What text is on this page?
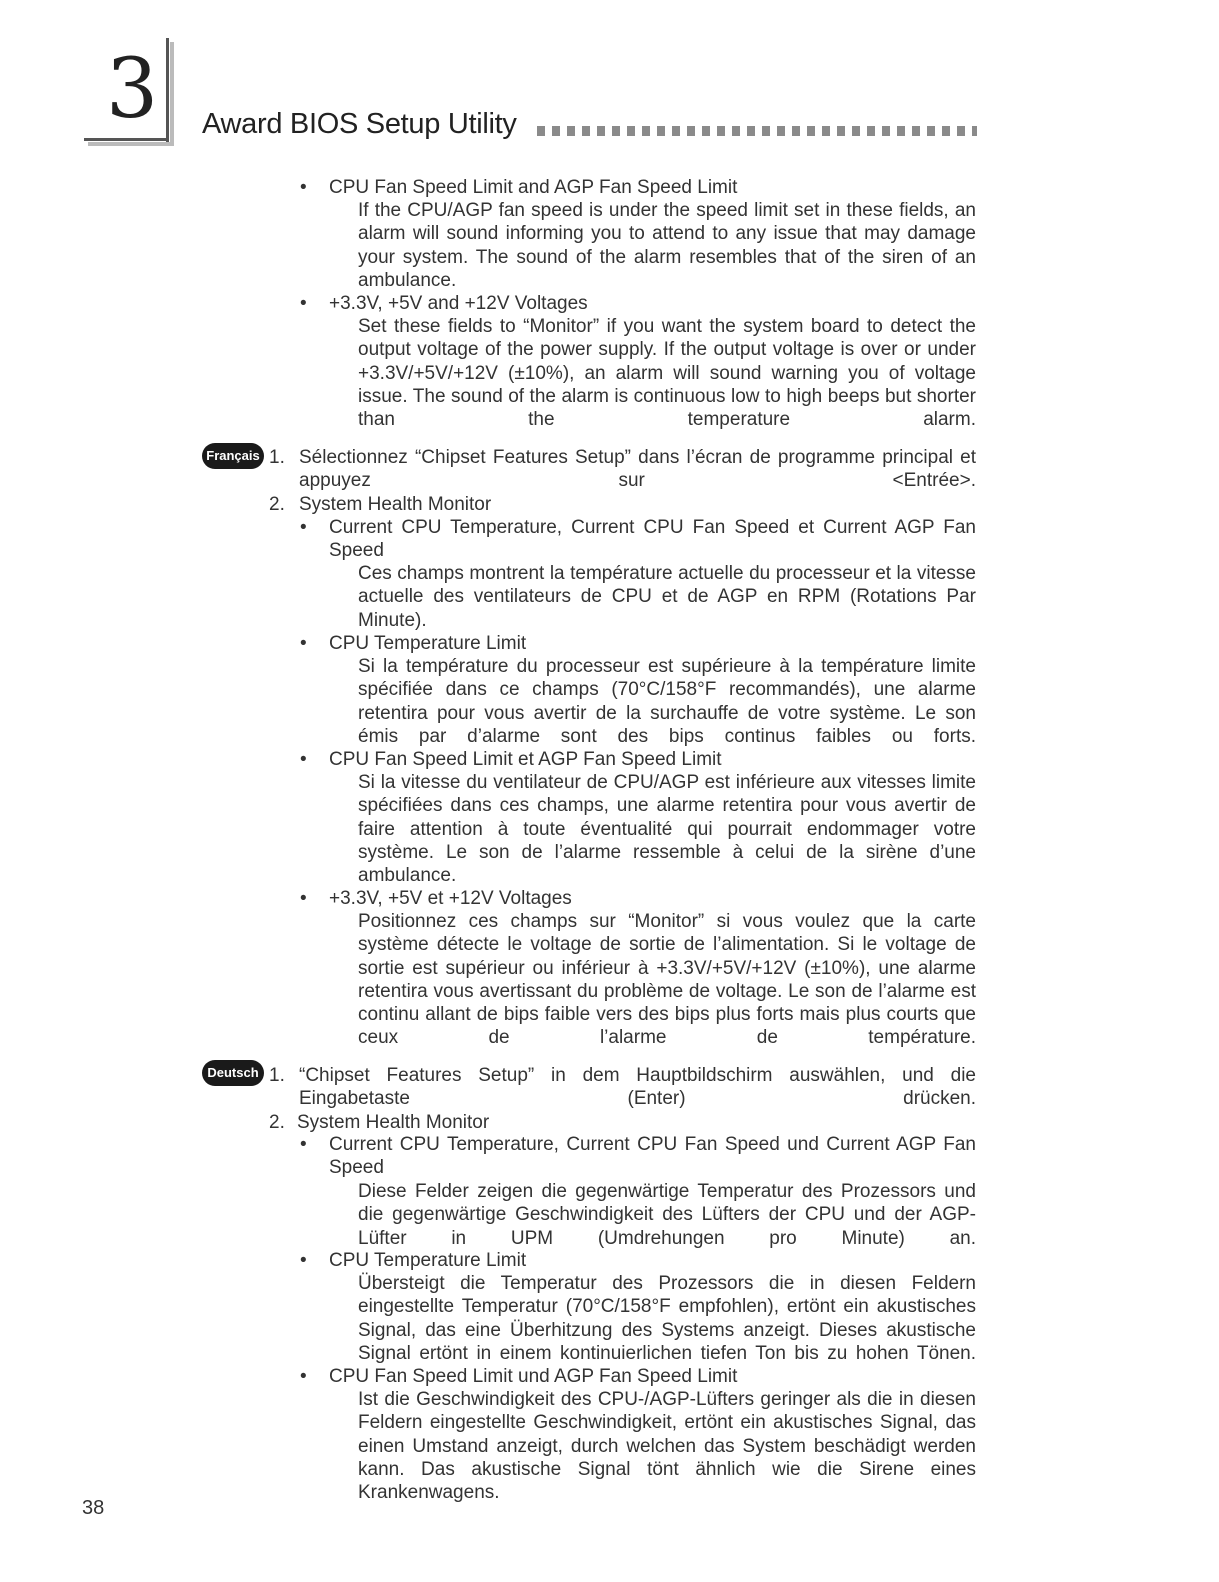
3 Award BIOS Setup Utility
• CPU Fan Speed Limit and AGP Fan Speed Limit
If the CPU/AGP fan speed is under the speed limit set in these fields, an alarm will sound informing you to attend to any issue that may damage your system. The sound of the alarm resembles that of the siren of an ambulance.
• +3.3V, +5V and +12V Voltages
Set these fields to “Monitor” if you want the system board to detect the output voltage of the power supply. If the output voltage is over or under +3.3V/+5V/+12V (±10%), an alarm will sound warning you of voltage issue. The sound of the alarm is continuous low to high beeps but shorter than the temperature alarm.
Français 1. Sélectionnez “Chipset Features Setup” dans l’écran de programme principal et appuyez sur <Entrée>.
2. System Health Monitor
• Current CPU Temperature, Current CPU Fan Speed et Current AGP Fan Speed
Ces champs montrent la température actuelle du processeur et la vitesse actuelle des ventilateurs de CPU et de AGP en RPM (Rotations Par Minute).
• CPU Temperature Limit
Si la température du processeur est supérieure à la température limite spécifiée dans ce champs (70°C/158°F recommandés), une alarme retentira pour vous avertir de la surchauffe de votre système. Le son émis par d’alarme sont des bips continus faibles ou forts.
• CPU Fan Speed Limit et AGP Fan Speed Limit
Si la vitesse du ventilateur de CPU/AGP est inférieure aux vitesses limite spécifiées dans ces champs, une alarme retentira pour vous avertir de faire attention à toute éventualité qui pourrait endommager votre système. Le son de l’alarme ressemble à celui de la sirène d’une ambulance.
• +3.3V, +5V et +12V Voltages
Positionnez ces champs sur “Monitor” si vous voulez que la carte système détecte le voltage de sortie de l’alimentation. Si le voltage de sortie est supérieur ou inférieur à +3.3V/+5V/+12V (±10%), une alarme retentira vous avertissant du problème de voltage. Le son de l’alarme est continu allant de bips faible vers des bips plus forts mais plus courts que ceux de l’alarme de température.
Deutsch 1. “Chipset Features Setup” in dem Hauptbildschirm auswählen, und die Eingabetaste (Enter) drücken.
2. System Health Monitor
• Current CPU Temperature, Current CPU Fan Speed und Current AGP Fan Speed
Diese Felder zeigen die gegenwärtige Temperatur des Prozessors und die gegenwärtige Geschwindigkeit des Lüfters der CPU und der AGP-Lüfter in UPM (Umdrehungen pro Minute) an.
• CPU Temperature Limit
Übersteigt die Temperatur des Prozessors die in diesen Feldern eingestellte Temperatur (70°C/158°F empfohlen), ertönt ein akustisches Signal, das eine Überhitzung des Systems anzeigt. Dieses akustische Signal ertönt in einem kontinuierlichen tiefen Ton bis zu hohen Tönen.
• CPU Fan Speed Limit und AGP Fan Speed Limit
Ist die Geschwindigkeit des CPU-/AGP-Lüfters geringer als die in diesen Feldern eingestellte Geschwindigkeit, ertönt ein akustisches Signal, das einen Umstand anzeigt, durch welchen das System beschädigt werden kann. Das akustische Signal tönt ähnlich wie die Sirene eines Krankenwagens.
38
